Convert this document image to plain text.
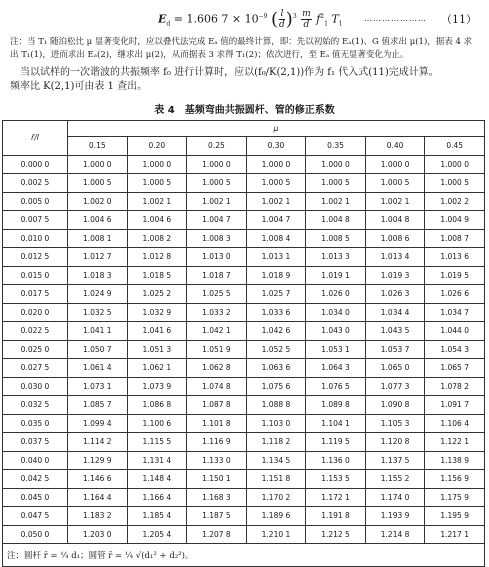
$E_d = 1.606$ $7 \times 10^{-9}$ ( $\frac{l}{d} )^3 \frac{m}{d} f^2_1$ $T_1$
………………… （11）
注：当 T₁ 随泊松比 μ 显著变化时，应以叠代法完成 Eₐ 值的最终计算，即：先以初始的 Eₐ(1)、G 值求出 μ(1)，据表 4 求出 T₁(1)，进而求出 Eₐ(2)，继求出 μ(2)，从而据表 3 求得 T₁(2)；依次进行，至 Eₐ 值无显著变化为止。

当以试样的一次谐波的共振频率 f₀ 进行计算时，应以(f₀/K(2,1))作为 f₁ 代入式(11)完成计算。

频率比 K(2,1)可由表 1 查出。

表 4　基频弯曲共振圆杆、管的修正系数
r̄/l	μ						
	0.15	0.20	0.25	0.30	0.35	0.40	0.45
0.000 0	1.000 0	1.000 0	1.000 0	1.000 0	1.000 0	1.000 0	1.000 0
0.002 5	1.000 5	1.000 5	1.000 5	1.000 5	1.000 5	1.000 5	1.000 5
0.005 0	1.002 0	1.002 1	1.002 1	1.002 1	1.002 1	1.002 1	1.002 2
0.007 5	1.004 6	1.004 6	1.004 7	1.004 7	1.004 8	1.004 8	1.004 9
0.010 0	1.008 1	1.008 2	1.008 3	1.008 4	1.008 5	1.008 6	1.008 7
0.012 5	1.012 7	1.012 8	1.013 0	1.013 1	1.013 3	1.013 4	1.013 6
0.015 0	1.018 3	1.018 5	1.018 7	1.018 9	1.019 1	1.019 3	1.019 5
0.017 5	1.024 9	1.025 2	1.025 5	1.025 7	1.026 0	1.026 3	1.026 6
0.020 0	1.032 5	1.032 9	1.033 2	1.033 6	1.034 0	1.034 4	1.034 7
0.022 5	1.041 1	1.041 6	1.042 1	1.042 6	1.043 0	1.043 5	1.044 0
0.025 0	1.050 7	1.051 3	1.051 9	1.052 5	1.053 1	1.053 7	1.054 3
0.027 5	1.061 4	1.062 1	1.062 8	1.063 6	1.064 3	1.065 0	1.065 7
0.030 0	1.073 1	1.073 9	1.074 8	1.075 6	1.076 5	1.077 3	1.078 2
0.032 5	1.085 7	1.086 8	1.087 8	1.088 8	1.089 8	1.090 8	1.091 7
0.035 0	1.099 4	1.100 6	1.101 8	1.103 0	1.104 1	1.105 3	1.106 4
0.037 5	1.114 2	1.115 5	1.116 9	1.118 2	1.119 5	1.120 8	1.122 1
0.040 0	1.129 9	1.131 4	1.133 0	1.134 5	1.136 0	1.137 5	1.138 9
0.042 5	1.146 6	1.148 4	1.150 1	1.151 8	1.153 5	1.155 2	1.156 9
0.045 0	1.164 4	1.166 4	1.168 3	1.170 2	1.172 1	1.174 0	1.175 9
0.047 5	1.183 2	1.185 4	1.187 5	1.189 6	1.191 8	1.193 9	1.195 9
0.050 0	1.203 0	1.205 4	1.207 8	1.210 1	1.212 5	1.214 8	1.217 1
注：圆杆 r̄ = ¼ d₁；圆管 r̄ = ¼ √(d₁² + d₂²)。							
